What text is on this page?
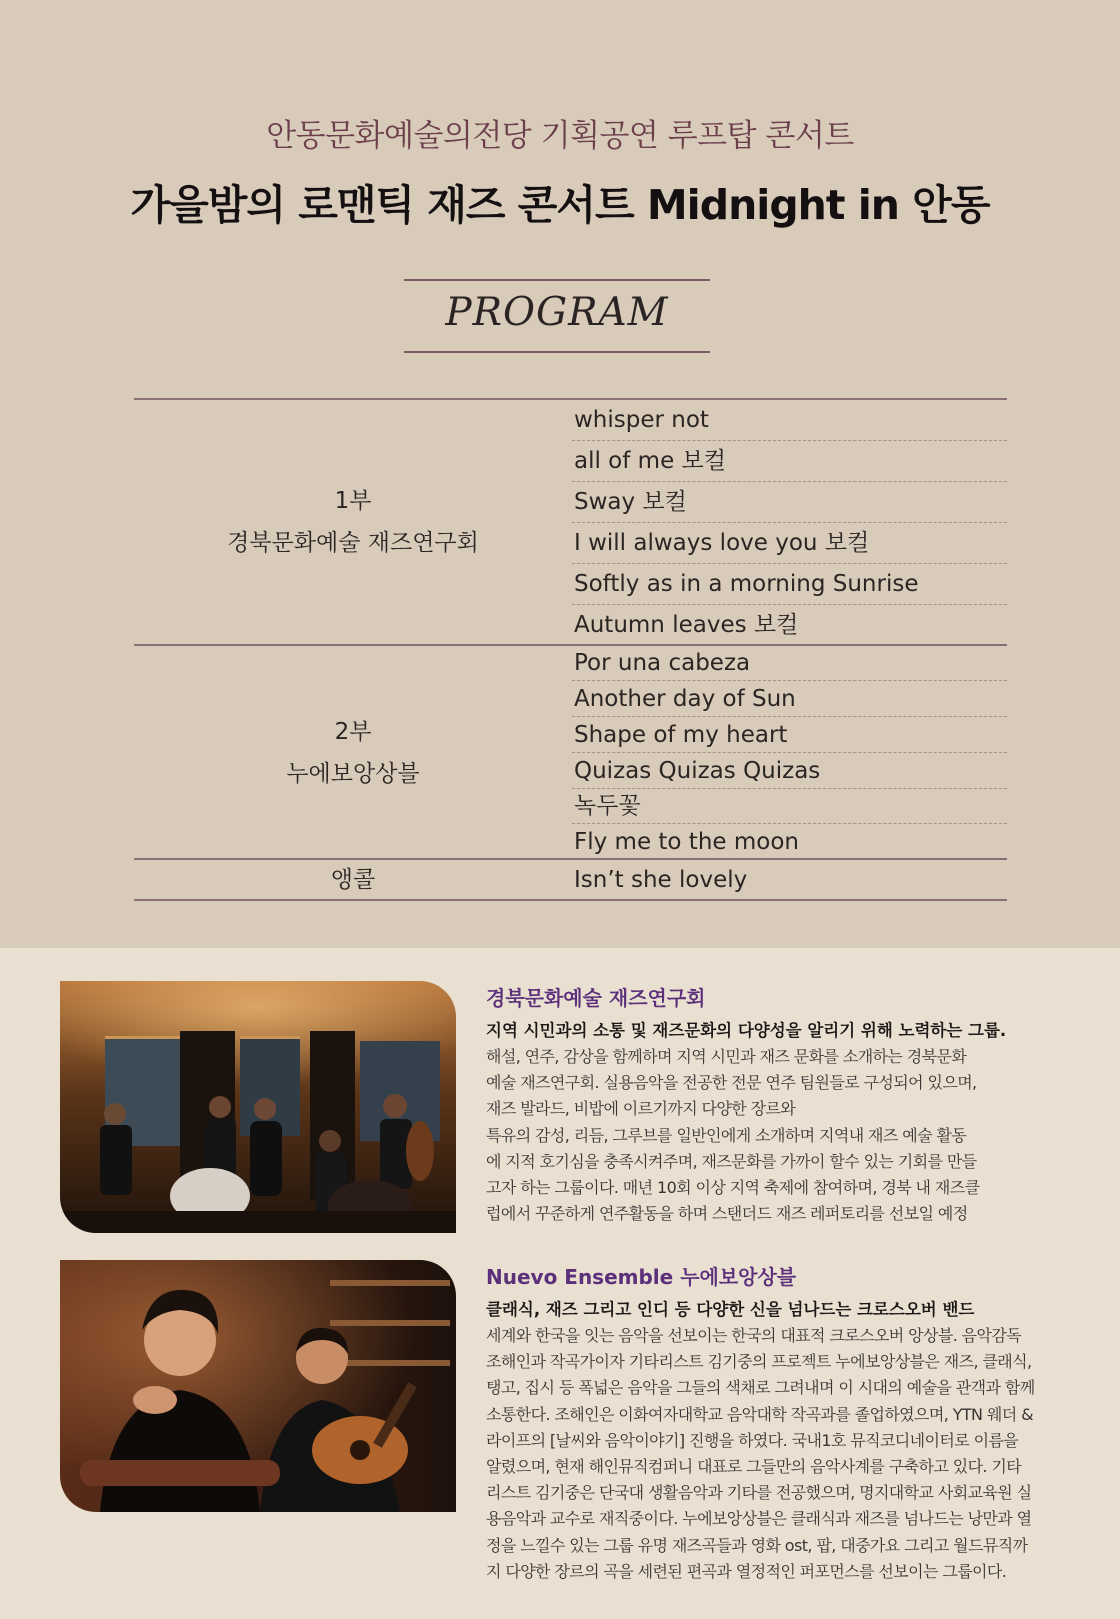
안동문화예술의전당 기획공연 루프탑 콘서트
가을밤의 로맨틱 재즈 콘서트 Midnight in 안동
PROGRAM
1부
경북문화예술 재즈연구회
whisper not
all of me 보컬
Sway 보컬
I will always love you 보컬
Softly as in a morning Sunrise
Autumn leaves 보컬
2부
누에보앙상블
Por una cabeza
Another day of Sun
Shape of my heart
Quizas Quizas Quizas
녹두꽃
Fly me to the moon
앵콜	Isn’t she lovely
경북문화예술 재즈연구회
지역 시민과의 소통 및 재즈문화의 다양성을 알리기 위해 노력하는 그룹.
해설, 연주, 감상을 함께하며 지역 시민과 재즈 문화를 소개하는 경북문화
예술 재즈연구회. 실용음악을 전공한 전문 연주 팀원들로 구성되어 있으며,
재즈 발라드, 비밥에 이르기까지 다양한 장르와
특유의 감성, 리듬, 그루브를 일반인에게 소개하며 지역내 재즈 예술 활동
에 지적 호기심을 충족시켜주며, 재즈문화를 가까이 할수 있는 기회를 만들
고자 하는 그룹이다. 매년 10회 이상 지역 축제에 참여하며, 경북 내 재즈클
럽에서 꾸준하게 연주활동을 하며 스탠더드 재즈 레퍼토리를 선보일 예정
Nuevo Ensemble 누에보앙상블
클래식, 재즈 그리고 인디 등 다양한 신을 넘나드는 크로스오버 밴드
세계와 한국을 잇는 음악을 선보이는 한국의 대표적 크로스오버 앙상블. 음악감독
조해인과 작곡가이자 기타리스트 김기중의 프로젝트 누에보앙상블은 재즈, 클래식,
탱고, 집시 등 폭넓은 음악을 그들의 색채로 그려내며 이 시대의 예술을 관객과 함께
소통한다. 조해인은 이화여자대학교 음악대학 작곡과를 졸업하였으며, YTN 웨더 &
라이프의 [날씨와 음악이야기] 진행을 하였다. 국내1호 뮤직코디네이터로 이름을
알렸으며, 현재 해인뮤직컴퍼니 대표로 그들만의 음악사계를 구축하고 있다. 기타
리스트 김기중은 단국대 생활음악과 기타를 전공했으며, 명지대학교 사회교육원 실
용음악과 교수로 재직중이다. 누에보앙상블은 클래식과 재즈를 넘나드는 낭만과 열
정을 느낄수 있는 그룹 유명 재즈곡들과 영화 ost, 팝, 대중가요 그리고 월드뮤직까
지 다양한 장르의 곡을 세련된 편곡과 열정적인 퍼포먼스를 선보이는 그룹이다.
